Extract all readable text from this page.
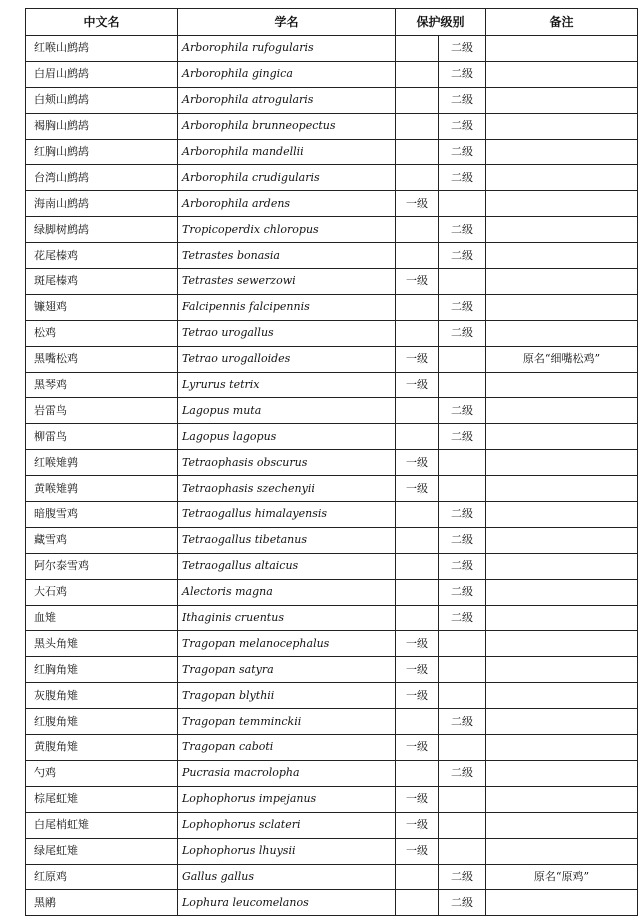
中文名	学名	保护级别		备注
红喉山鹧鸪	Arborophila rufogularis		二级	
白眉山鹧鸪	Arborophila gingica		二级	
白颊山鹧鸪	Arborophila atrogularis		二级	
褐胸山鹧鸪	Arborophila brunneopectus		二级	
红胸山鹧鸪	Arborophila mandellii		二级	
台湾山鹧鸪	Arborophila crudigularis		二级	
海南山鹧鸪	Arborophila ardens	一级		
绿脚树鹧鸪	Tropicoperdix chloropus		二级	
花尾榛鸡	Tetrastes bonasia		二级	
斑尾榛鸡	Tetrastes sewerzowi	一级		
镰翅鸡	Falcipennis falcipennis		二级	
松鸡	Tetrao urogallus		二级	
黑嘴松鸡	Tetrao urogalloides	一级		原名“细嘴松鸡”
黑琴鸡	Lyrurus tetrix	一级		
岩雷鸟	Lagopus muta		二级	
柳雷鸟	Lagopus lagopus		二级	
红喉雉鹑	Tetraophasis obscurus	一级		
黄喉雉鹑	Tetraophasis szechenyii	一级		
暗腹雪鸡	Tetraogallus himalayensis		二级	
藏雪鸡	Tetraogallus tibetanus		二级	
阿尔泰雪鸡	Tetraogallus altaicus		二级	
大石鸡	Alectoris magna		二级	
血雉	Ithaginis cruentus		二级	
黑头角雉	Tragopan melanocephalus	一级		
红胸角雉	Tragopan satyra	一级		
灰腹角雉	Tragopan blythii	一级		
红腹角雉	Tragopan temminckii		二级	
黄腹角雉	Tragopan caboti	一级		
勺鸡	Pucrasia macrolopha		二级	
棕尾虹雉	Lophophorus impejanus	一级		
白尾梢虹雉	Lophophorus sclateri	一级		
绿尾虹雉	Lophophorus lhuysii	一级		
红原鸡	Gallus gallus		二级	原名“原鸡”
黑鹇	Lophura leucomelanos		二级	
